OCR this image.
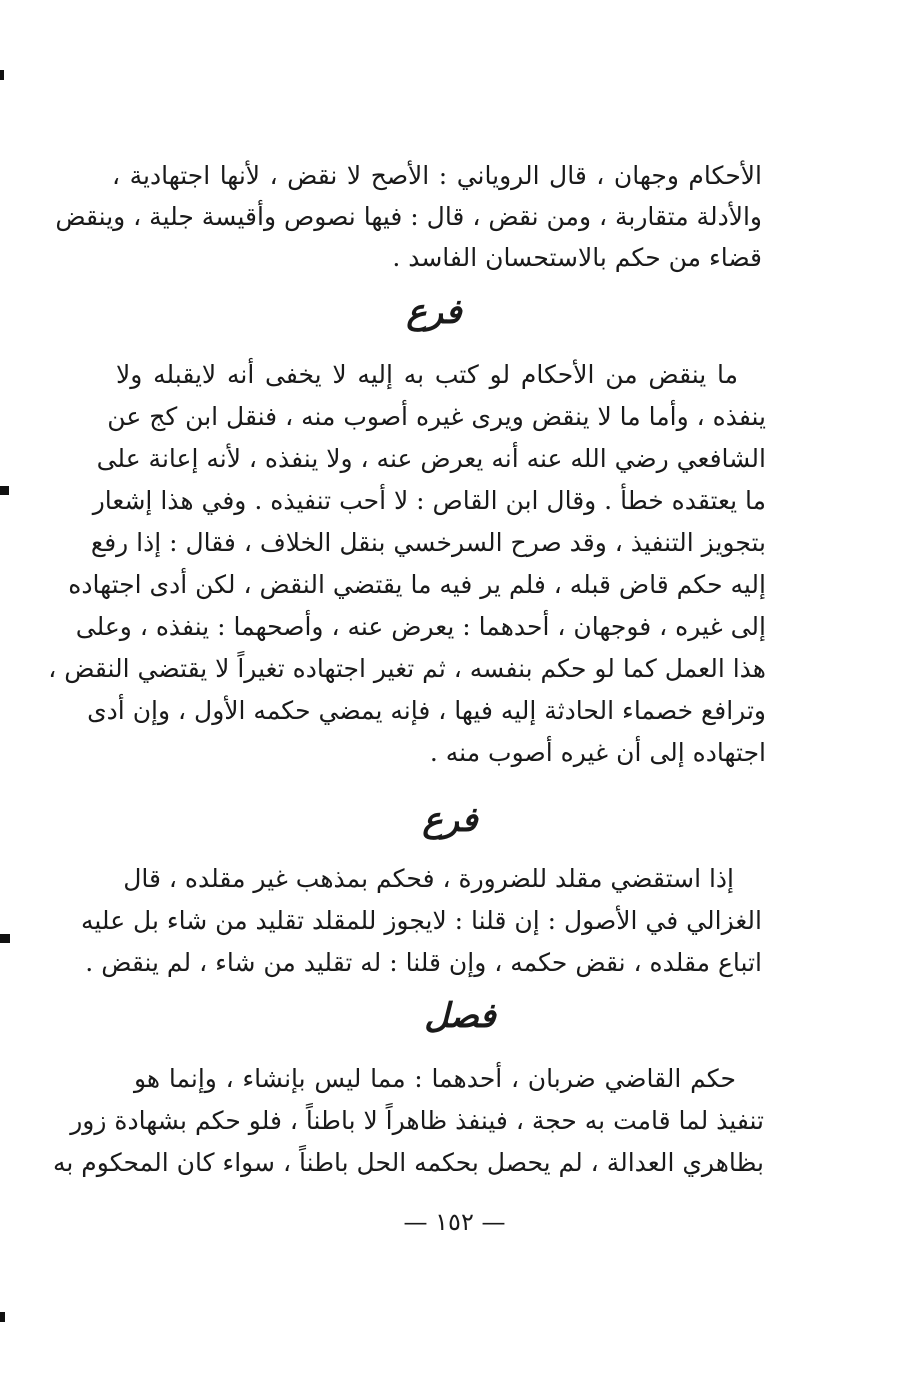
الأحكام وجهان ، قال الروياني : الأصح لا نقض ، لأنها اجتهادية ،
والأدلة متقاربة ، ومن نقض ، قال : فيها نصوص وأقيسة جلية ، وينقض
قضاء من حكم بالاستحسان الفاسد .
فرع
ما ينقض من الأحكام لو كتب به إليه لا يخفى أنه لايقبله ولا
ينفذه ، وأما ما لا ينقض ويرى غيره أصوب منه ، فنقل ابن كج عن
الشافعي رضي الله عنه أنه يعرض عنه ، ولا ينفذه ، لأنه إعانة على
ما يعتقده خطأ . وقال ابن القاص : لا أحب تنفيذه . وفي هذا إشعار
بتجويز التنفيذ ، وقد صرح السرخسي بنقل الخلاف ، فقال : إذا رفع
إليه حكم قاض قبله ، فلم ير فيه ما يقتضي النقض ، لكن أدى اجتهاده
إلى غيره ، فوجهان ، أحدهما : يعرض عنه ، وأصحهما : ينفذه ، وعلى
هذا العمل كما لو حكم بنفسه ، ثم تغير اجتهاده تغيراً لا يقتضي النقض ،
وترافع خصماء الحادثة إليه فيها ، فإنه يمضي حكمه الأول ، وإن أدى
اجتهاده إلى أن غيره أصوب منه .
فرع
إذا استقضي مقلد للضرورة ، فحكم بمذهب غير مقلده ، قال
الغزالي في الأصول : إن قلنا : لايجوز للمقلد تقليد من شاء بل عليه
اتباع مقلده ، نقض حكمه ، وإن قلنا : له تقليد من شاء ، لم ينقض .
فصل
حكم القاضي ضربان ، أحدهما : مما ليس بإنشاء ، وإنما هو
تنفيذ لما قامت به حجة ، فينفذ ظاهراً لا باطناً ، فلو حكم بشهادة زور
بظاهري العدالة ، لم يحصل بحكمه الحل باطناً ، سواء كان المحكوم به
— ١٥٢ —
